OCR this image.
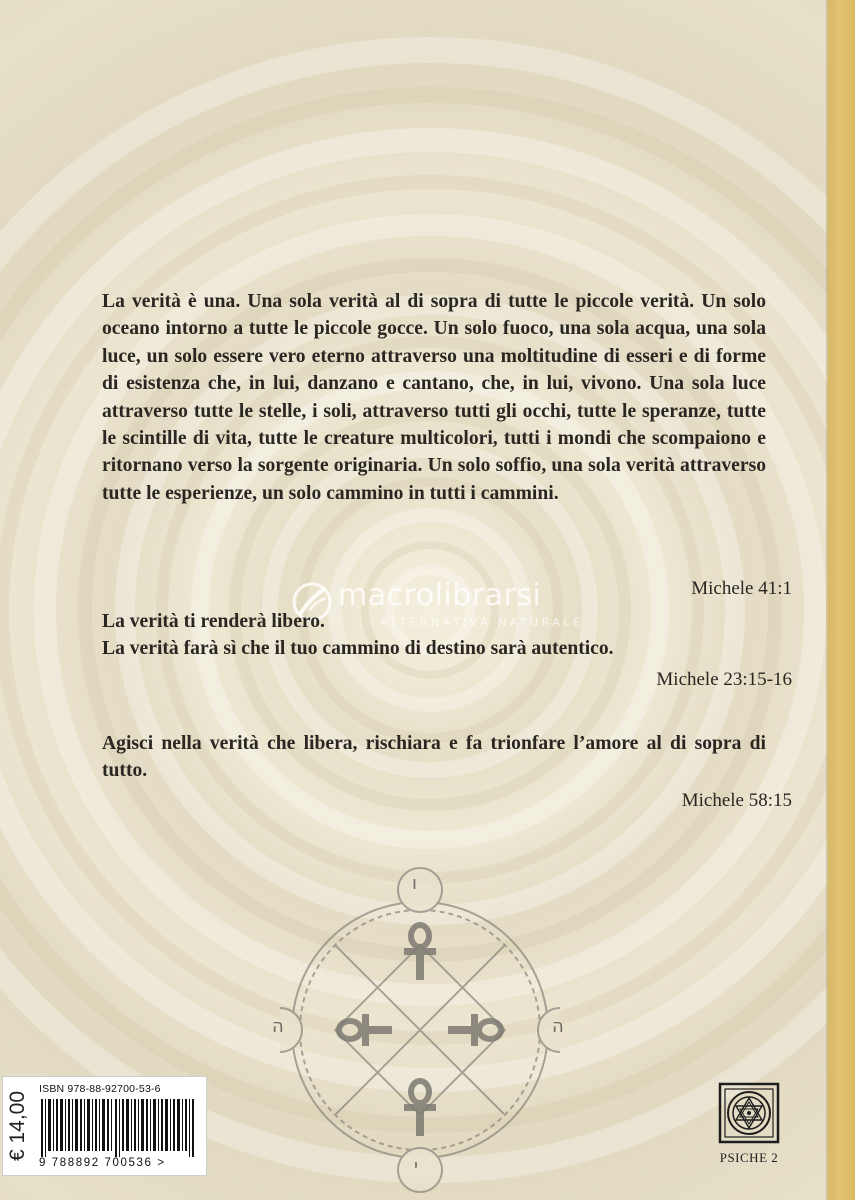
La verità è una. Una sola verità al di sopra di tutte le piccole verità. Un solo oceano intorno a tutte le piccole gocce. Un solo fuoco, una sola acqua, una sola luce, un solo essere vero eterno attraverso una moltitudine di esseri e di forme di esistenza che, in lui, danzano e cantano, che, in lui, vivono. Una sola luce attraverso tutte le stelle, i soli, attraverso tutti gli occhi, tutte le speranze, tutte le scintille di vita, tutte le creature multicolori, tutti i mondi che scompaiono e ritornano verso la sorgente originaria. Un solo soffio, una sola verità attraverso tutte le esperienze, un solo cammino in tutti i cammini.

Michele 41:1
macrolibrarsi
ALTERNATIVA NATURALE

La verità ti renderà libero.

La verità farà sì che il tuo cammino di destino sarà autentico.

Michele 23:15-16

Agisci nella verità che libera, rischiara e fa trionfare l’amore al di sopra di tutto.

Michele 58:15
ו
ה	ה
י
€ 14,00
ISBN 978-88-92700-53-6
9 788892 700536 >	PSICHE 2
